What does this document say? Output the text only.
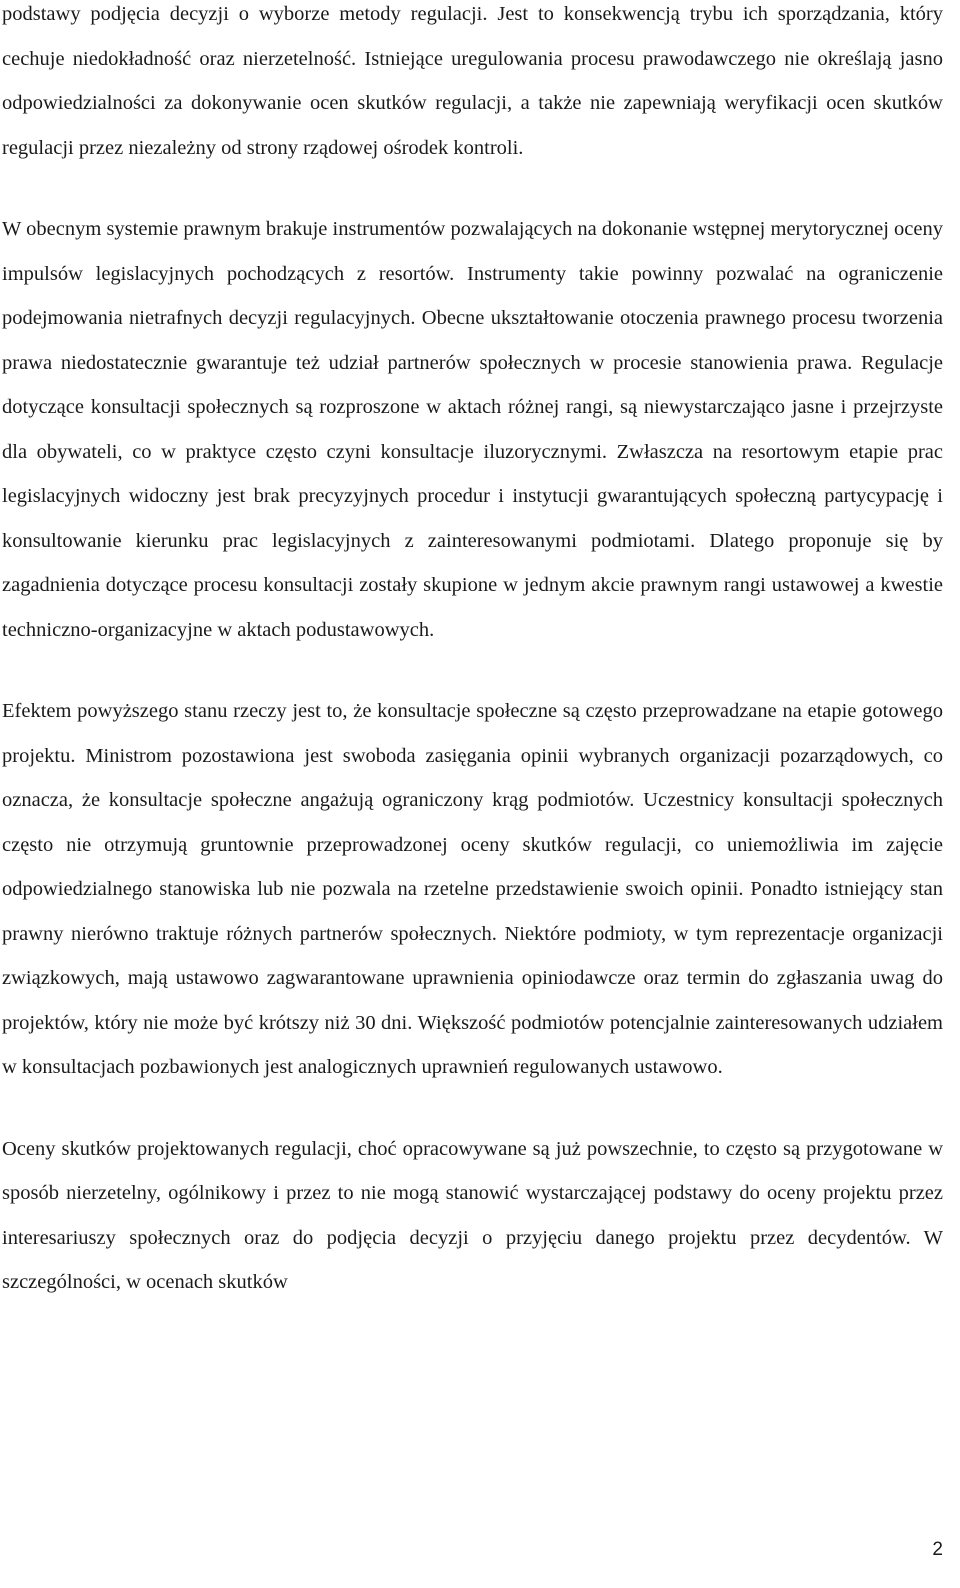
podstawy podjęcia decyzji o wyborze metody regulacji. Jest to konsekwencją trybu ich sporządzania, który cechuje niedokładność oraz nierzetelność. Istniejące uregulowania procesu prawodawczego nie określają jasno odpowiedzialności za dokonywanie ocen skutków regulacji, a także nie zapewniają weryfikacji ocen skutków regulacji przez niezależny od strony rządowej ośrodek kontroli.

W obecnym systemie prawnym brakuje instrumentów pozwalających na dokonanie wstępnej merytorycznej oceny impulsów legislacyjnych pochodzących z resortów. Instrumenty takie powinny pozwalać na ograniczenie podejmowania nietrafnych decyzji regulacyjnych. Obecne ukształtowanie otoczenia prawnego procesu tworzenia prawa niedostatecznie gwarantuje też udział partnerów społecznych w procesie stanowienia prawa. Regulacje dotyczące konsultacji społecznych są rozproszone w aktach różnej rangi, są niewystarczająco jasne i przejrzyste dla obywateli, co w praktyce często czyni konsultacje iluzorycznymi. Zwłaszcza na resortowym etapie prac legislacyjnych widoczny jest brak precyzyjnych procedur i instytucji gwarantujących społeczną partycypację i konsultowanie kierunku prac legislacyjnych z zainteresowanymi podmiotami. Dlatego proponuje się by zagadnienia dotyczące procesu konsultacji zostały skupione w jednym akcie prawnym rangi ustawowej a kwestie techniczno-organizacyjne w aktach podustawowych.

Efektem powyższego stanu rzeczy jest to, że konsultacje społeczne są często przeprowadzane na etapie gotowego projektu. Ministrom pozostawiona jest swoboda zasięgania opinii wybranych organizacji pozarządowych, co oznacza, że konsultacje społeczne angażują ograniczony krąg podmiotów. Uczestnicy konsultacji społecznych często nie otrzymują gruntownie przeprowadzonej oceny skutków regulacji, co uniemożliwia im zajęcie odpowiedzialnego stanowiska lub nie pozwala na rzetelne przedstawienie swoich opinii. Ponadto istniejący stan prawny nierówno traktuje różnych partnerów społecznych. Niektóre podmioty, w tym reprezentacje organizacji związkowych, mają ustawowo zagwarantowane uprawnienia opiniodawcze oraz termin do zgłaszania uwag do projektów, który nie może być krótszy niż 30 dni. Większość podmiotów potencjalnie zainteresowanych udziałem w konsultacjach pozbawionych jest analogicznych uprawnień regulowanych ustawowo.

Oceny skutków projektowanych regulacji, choć opracowywane są już powszechnie, to często są przygotowane w sposób nierzetelny, ogólnikowy i przez to nie mogą stanowić wystarczającej podstawy do oceny projektu przez interesariuszy społecznych oraz do podjęcia decyzji o przyjęciu danego projektu przez decydentów. W szczególności, w ocenach skutków

2
